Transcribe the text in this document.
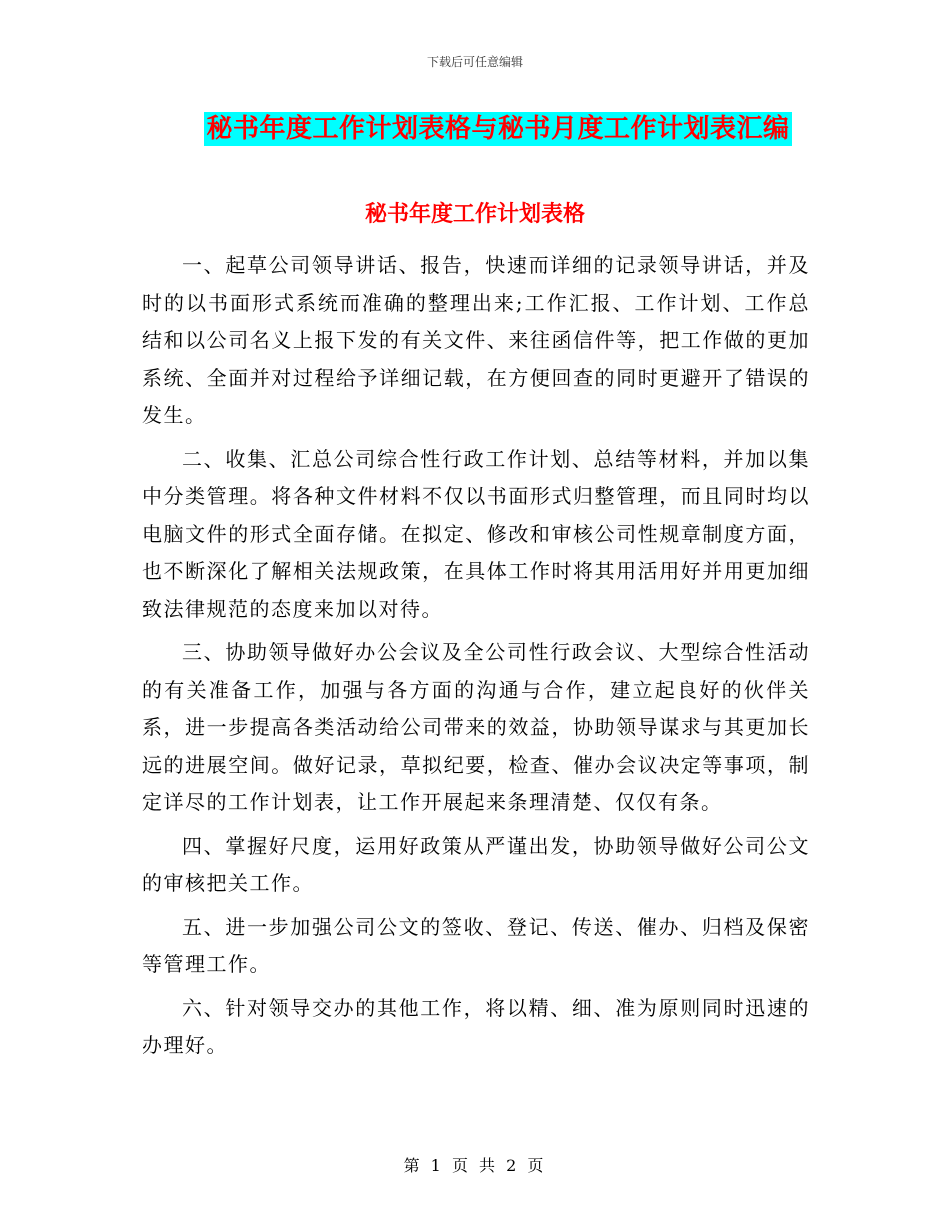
下载后可任意编辑
秘书年度工作计划表格与秘书月度工作计划表汇编
秘书年度工作计划表格

一、起草公司领导讲话、报告，快速而详细的记录领导讲话，并及时的以书面形式系统而准确的整理出来;工作汇报、工作计划、工作总结和以公司名义上报下发的有关文件、来往函信件等，把工作做的更加系统、全面并对过程给予详细记载，在方便回查的同时更避开了错误的发生。

二、收集、汇总公司综合性行政工作计划、总结等材料，并加以集中分类管理。将各种文件材料不仅以书面形式归整管理，而且同时均以电脑文件的形式全面存储。在拟定、修改和审核公司性规章制度方面，也不断深化了解相关法规政策，在具体工作时将其用活用好并用更加细致法律规范的态度来加以对待。

三、协助领导做好办公会议及全公司性行政会议、大型综合性活动的有关准备工作，加强与各方面的沟通与合作，建立起良好的伙伴关系，进一步提高各类活动给公司带来的效益，协助领导谋求与其更加长远的进展空间。做好记录，草拟纪要，检查、催办会议决定等事项，制定详尽的工作计划表，让工作开展起来条理清楚、仅仅有条。

四、掌握好尺度，运用好政策从严谨出发，协助领导做好公司公文的审核把关工作。

五、进一步加强公司公文的签收、登记、传送、催办、归档及保密等管理工作。

六、针对领导交办的其他工作，将以精、细、准为原则同时迅速的办理好。

第 1 页 共 2 页
